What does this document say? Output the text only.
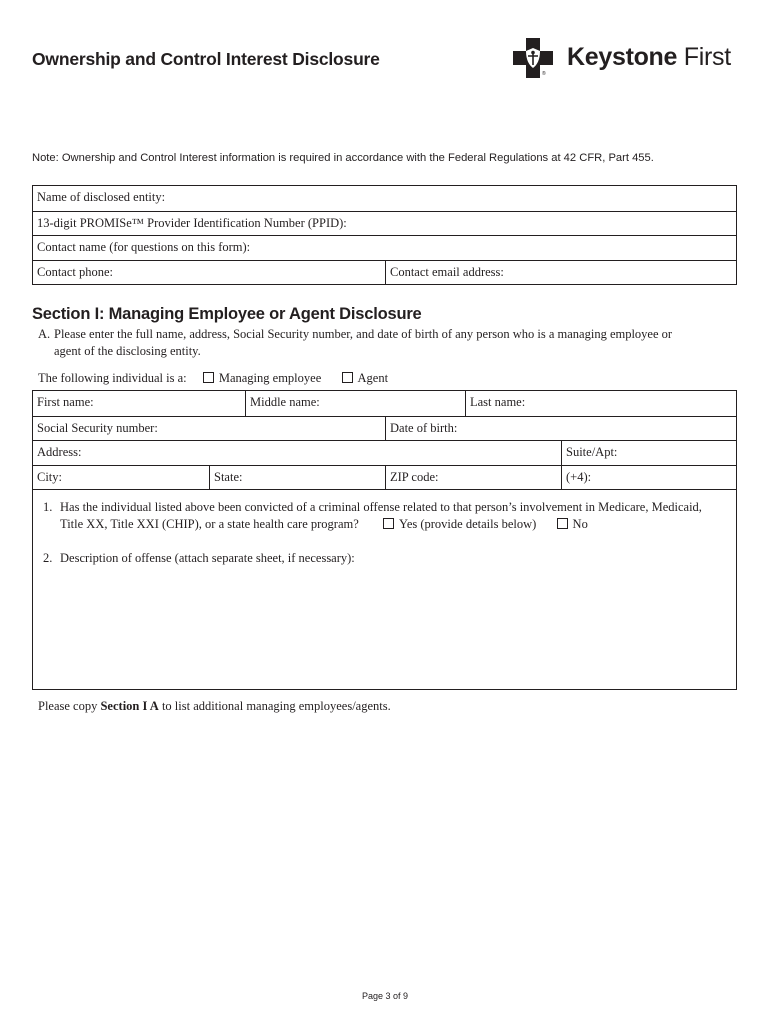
Ownership and Control Interest Disclosure
®
Keystone First
Note: Ownership and Control Interest information is required in accordance with the Federal Regulations at 42 CFR, Part 455.
Name of disclosed entity:
13-digit PROMISe™ Provider Identification Number (PPID):
Contact name (for questions on this form):
Contact phone:	Contact email address:
Section I: Managing Employee or Agent Disclosure
A. Please enter the full name, address, Social Security number, and date of birth of any person who is a managing employee or
agent of the disclosing entity.
The following individual is a:	Managing employee	Agent
First name:	Middle name:	Last name:
Social Security number:	Date of birth:
Address:	Suite/Apt:
City:	State:	ZIP code:	(+4):
1. Has the individual listed above been convicted of a criminal offense related to that person’s involvement in Medicare, Medicaid,
Title XX, Title XXI (CHIP), or a state health care program?	Yes (provide details below)	No
2. Description of offense (attach separate sheet, if necessary):
Please copy Section I A to list additional managing employees/agents.
Page 3 of 9
